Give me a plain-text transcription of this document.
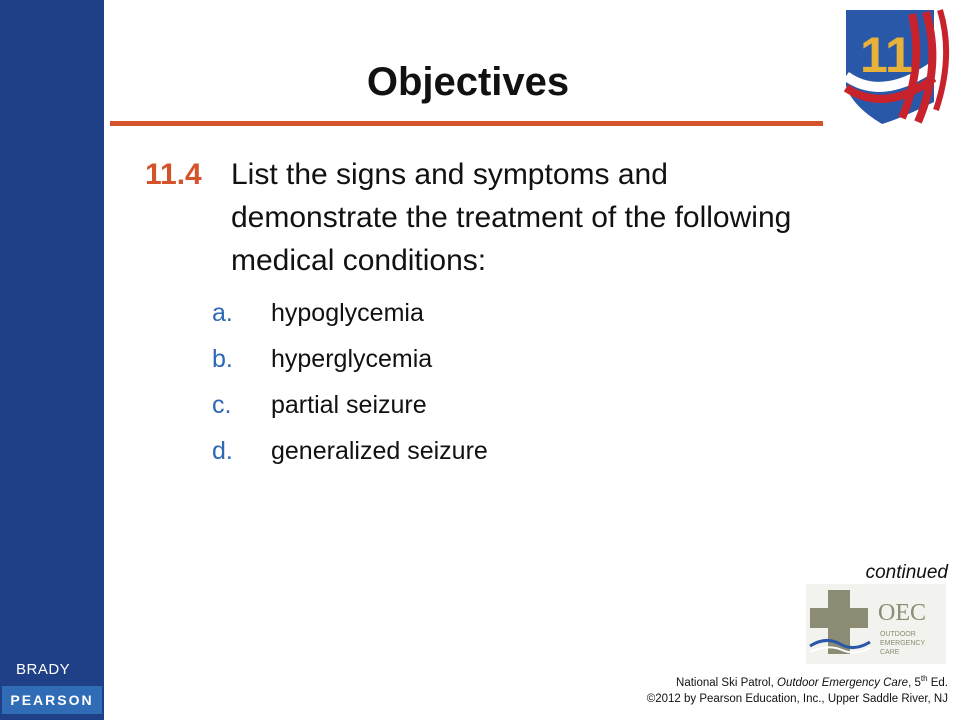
BRADY
PEARSON
11
Objectives
11.4 List the signs and symptoms and demonstrate the treatment of the following medical conditions:
a. hypoglycemia
b. hyperglycemia
c. partial seizure
d. generalized seizure
continued
OEC
OUTDOOR
EMERGENCY
CARE
National Ski Patrol, Outdoor Emergency Care, 5th Ed.
©2012 by Pearson Education, Inc., Upper Saddle River, NJ
